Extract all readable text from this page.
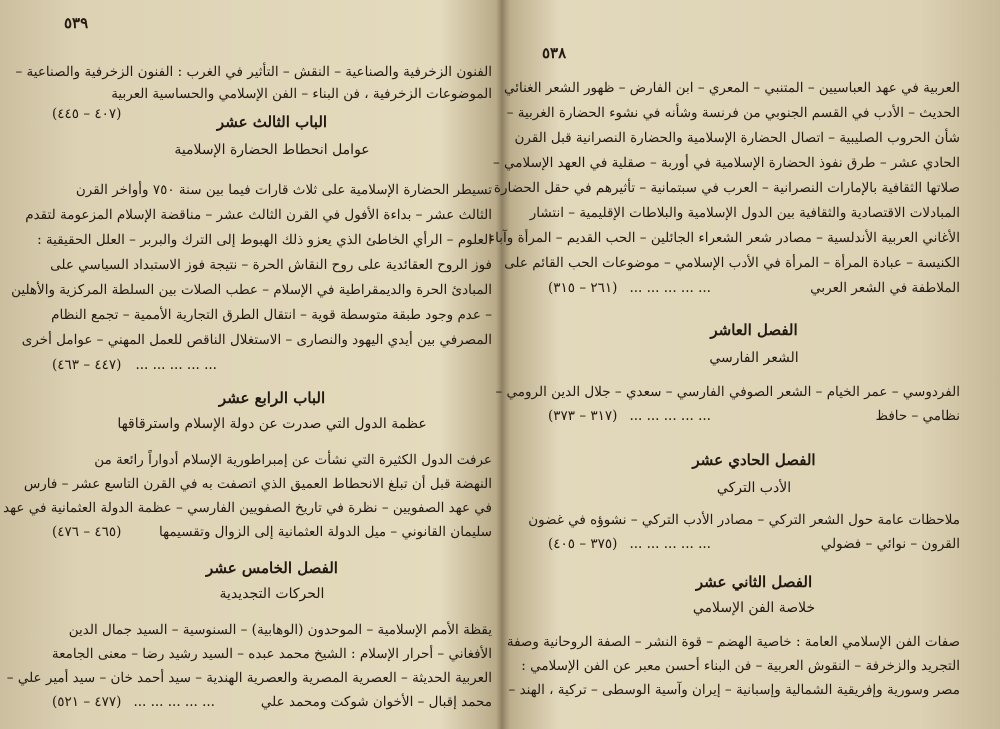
٥٣٩
الفنون الزخرفية والصناعية – النقش – التأثير في الغرب : الفنون الزخرفية والصناعية –
الموضوعات الزخرفية ، فن البناء – الفن الإسلامي والحساسية العربية
(٤٠٧ – ٤٤٥)	الباب الثالث عشر
عوامل انحطاط الحضارة الإسلامية
تسيطر الحضارة الإسلامية على ثلاث قارات فيما بين سنة ٧٥٠ وأواخر القرن
الثالث عشر – بداءة الأفول في القرن الثالث عشر – مناقضة الإسلام المزعومة لتقدم
العلوم – الرأي الخاطئ الذي يعزو ذلك الهبوط إلى الترك والبربر – العلل الحقيقية :
فوز الروح العقائدية على روح النقاش الحرة – نتيجة فوز الاستبداد السياسي على
المبادئ الحرة والديمقراطية في الإسلام – عطب الصلات بين السلطة المركزية والأهلين
– عدم وجود طبقة متوسطة قوية – انتقال الطرق التجارية الأممية – تجمع النظام
المصرفي بين أيدي اليهود والنصارى – الاستغلال الناقص للعمل المهني – عوامل أخرى
(٤٤٧ – ٤٦٣) ... ... ... ... ...
الباب الرابع عشر
عظمة الدول التي صدرت عن دولة الإسلام واسترقاقها
عرفت الدول الكثيرة التي نشأت عن إمبراطورية الإسلام أدواراً رائعة من
النهضة قبل أن تبلغ الانحطاط العميق الذي اتصفت به في القرن التاسع عشر – فارس
في عهد الصفويين – نظرة في تاريخ الصفويين الفارسي – عظمة الدولة العثمانية في عهد
سليمان القانوني – ميل الدولة العثمانية إلى الزوال وتقسيمها
(٤٦٥ – ٤٧٦)
الفصل الخامس عشر
الحركات التجديدية
يقظة الأمم الإسلامية – الموحدون (الوهابية) – السنوسية – السيد جمال الدين
الأفغاني – أحرار الإسلام : الشيخ محمد عبده – السيد رشيد رضا – معنى الجامعة
العربية الحديثة – العصرية المصرية والعصرية الهندية – سيد أحمد خان – سيد أمير علي –
محمد إقبال – الأخوان شوكت ومحمد علي
(٤٧٧ – ٥٢١) ... ... ... ... ...
٥٣٨
العربية في عهد العباسيين – المتنبي – المعري – ابن الفارض – ظهور الشعر الغنائي
الحديث – الأدب في القسم الجنوبي من فرنسة وشأنه في نشوء الحضارة الغربية –
شأن الحروب الصليبية – اتصال الحضارة الإسلامية والحضارة النصرانية قبل القرن
الحادي عشر – طرق نفوذ الحضارة الإسلامية في أوربة – صقلية في العهد الإسلامي –
صلاتها الثقافية بالإمارات النصرانية – العرب في سبتمانية – تأثيرهم في حقل الحضارة
المبادلات الاقتصادية والثقافية بين الدول الإسلامية والبلاطات الإقليمية – انتشار
الأغاني العربية الأندلسية – مصادر شعر الشعراء الجائلين – الحب القديم – المرأة وآباء
الكنيسة – عبادة المرأة – المرأة في الأدب الإسلامي – موضوعات الحب القائم على
الملاطفة في الشعر العربي
(٢٦١ – ٣١٥) ... ... ... ... ...
الفصل العاشر
الشعر الفارسي
الفردوسي – عمر الخيام – الشعر الصوفي الفارسي – سعدي – جلال الدين الرومي –
نظامي – حافظ
(٣١٧ – ٣٧٣) ... ... ... ... ...
الفصل الحادي عشر
الأدب التركي
ملاحظات عامة حول الشعر التركي – مصادر الأدب التركي – نشوؤه في غضون
القرون – نوائي – فضولي
(٣٧٥ – ٤٠٥) ... ... ... ... ...
الفصل الثاني عشر
خلاصة الفن الإسلامي
صفات الفن الإسلامي العامة : خاصية الهضم – قوة النشر – الصفة الروحانية وصفة
التجريد والزخرفة – النقوش العربية – فن البناء أحسن معبر عن الفن الإسلامي :
مصر وسورية وإفريقية الشمالية وإسبانية – إيران وآسية الوسطى – تركية ، الهند –
